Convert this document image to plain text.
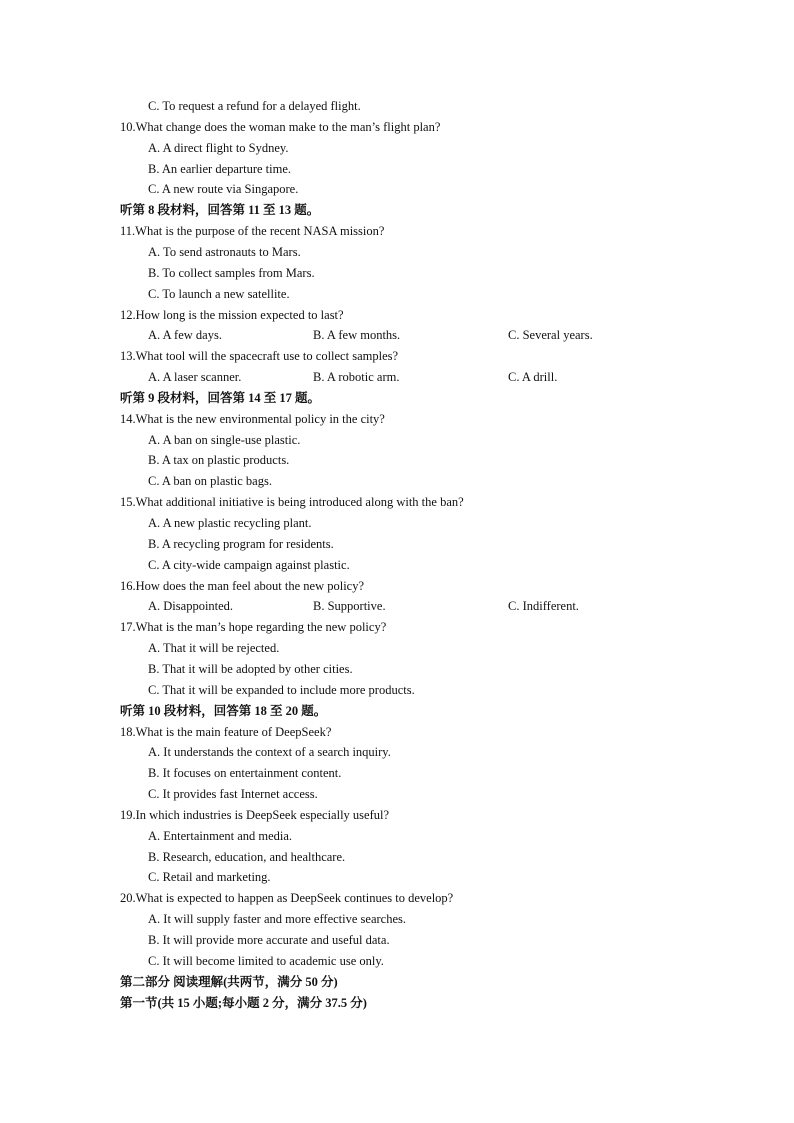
C. To request a refund for a delayed flight.
10.What change does the woman make to the man’s flight plan?
A. A direct flight to Sydney.
B. An earlier departure time.
C. A new route via Singapore.
听第 8 段材料，回答第 11 至 13 题。
11.What is the purpose of the recent NASA mission?
A. To send astronauts to Mars.
B. To collect samples from Mars.
C. To launch a new satellite.
12.How long is the mission expected to last?
A. A few days.	B. A few months.	C. Several years.
13.What tool will the spacecraft use to collect samples?
A. A laser scanner.	B. A robotic arm.	C. A drill.
听第 9 段材料，回答第 14 至 17 题。
14.What is the new environmental policy in the city?
A. A ban on single-use plastic.
B. A tax on plastic products.
C. A ban on plastic bags.
15.What additional initiative is being introduced along with the ban?
A. A new plastic recycling plant.
B. A recycling program for residents.
C. A city-wide campaign against plastic.
16.How does the man feel about the new policy?
A. Disappointed.	B. Supportive.	C. Indifferent.
17.What is the man’s hope regarding the new policy?
A. That it will be rejected.
B. That it will be adopted by other cities.
C. That it will be expanded to include more products.
听第 10 段材料，回答第 18 至 20 题。
18.What is the main feature of DeepSeek?
A. It understands the context of a search inquiry.
B. It focuses on entertainment content.
C. It provides fast Internet access.
19.In which industries is DeepSeek especially useful?
A. Entertainment and media.
B. Research, education, and healthcare.
C. Retail and marketing.
20.What is expected to happen as DeepSeek continues to develop?
A. It will supply faster and more effective searches.
B. It will provide more accurate and useful data.
C. It will become limited to academic use only.
第二部分 阅读理解(共两节，满分 50 分)
第一节(共 15 小题;每小题 2 分，满分 37.5 分)
